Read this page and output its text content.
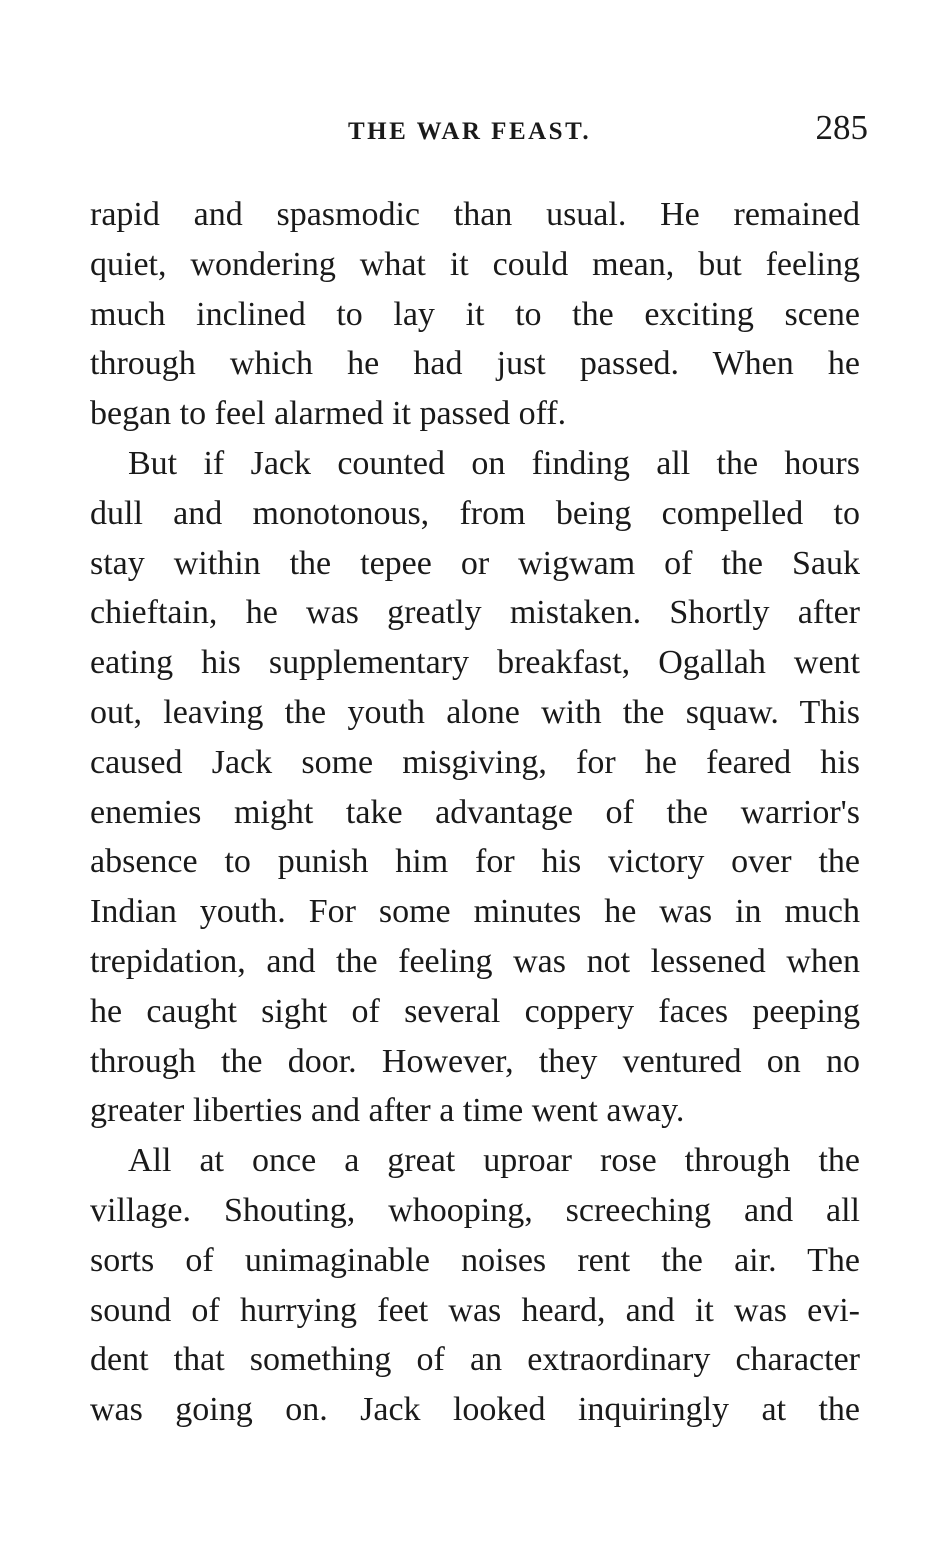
THE WAR FEAST.	285
rapid and spasmodic than usual. He remained
quiet, wondering what it could mean, but feeling
much inclined to lay it to the exciting scene
through which he had just passed. When he
began to feel alarmed it passed off.
But if Jack counted on finding all the hours
dull and monotonous, from being compelled to
stay within the tepee or wigwam of the Sauk
chieftain, he was greatly mistaken. Shortly after
eating his supplementary breakfast, Ogallah went
out, leaving the youth alone with the squaw. This
caused Jack some misgiving, for he feared his
enemies might take advantage of the warrior's
absence to punish him for his victory over the
Indian youth. For some minutes he was in much
trepidation, and the feeling was not lessened when
he caught sight of several coppery faces peeping
through the door. However, they ventured on no
greater liberties and after a time went away.
All at once a great uproar rose through the
village. Shouting, whooping, screeching and all
sorts of unimaginable noises rent the air. The
sound of hurrying feet was heard, and it was evi-
dent that something of an extraordinary character
was going on. Jack looked inquiringly at the
